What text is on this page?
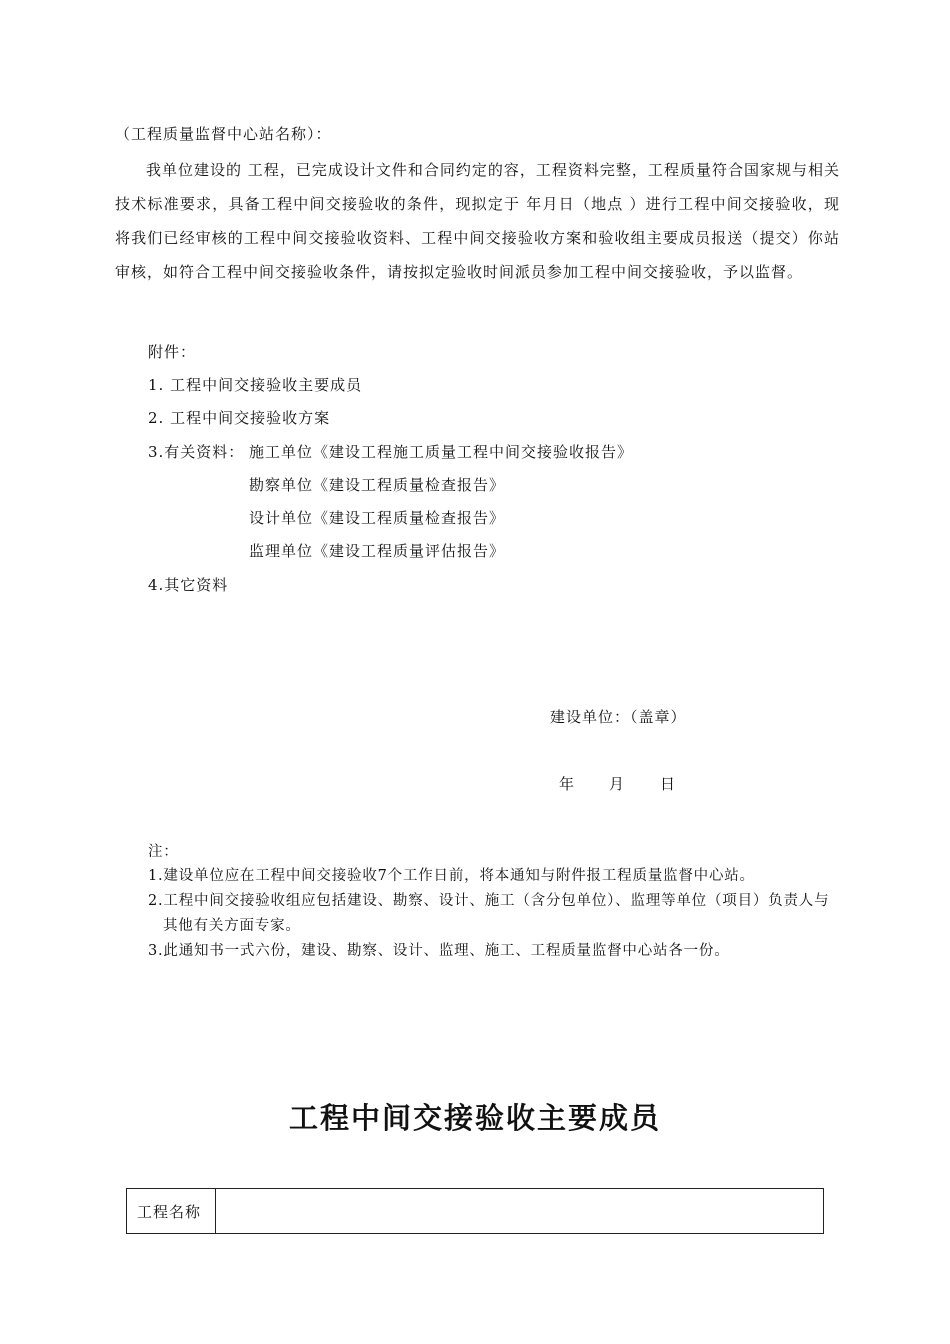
（工程质量监督中心站名称）：
我单位建设的 工程，已完成设计文件和合同约定的容，工程资料完整，工程质量符合国家规与相关技术标准要求，具备工程中间交接验收的条件，现拟定于 年月日（地点 ）进行工程中间交接验收，现将我们已经审核的工程中间交接验收资料、工程中间交接验收方案和验收组主要成员报送（提交）你站审核，如符合工程中间交接验收条件，请按拟定验收时间派员参加工程中间交接验收，予以监督。
附件：
1. 工程中间交接验收主要成员
2. 工程中间交接验收方案
3.有关资料： 施工单位《建设工程施工质量工程中间交接验收报告》
勘察单位《建设工程质量检查报告》
设计单位《建设工程质量检查报告》
监理单位《建设工程质量评估报告》
4.其它资料
建设单位：（盖章）
年 月 日
注：
1.建设单位应在工程中间交接验收7个工作日前，将本通知与附件报工程质量监督中心站。
2.工程中间交接验收组应包括建设、勘察、设计、施工（含分包单位）、监理等单位（项目）负责人与其他有关方面专家。
3.此通知书一式六份，建设、勘察、设计、监理、施工、工程质量监督中心站各一份。
工程中间交接验收主要成员
工程名称	
